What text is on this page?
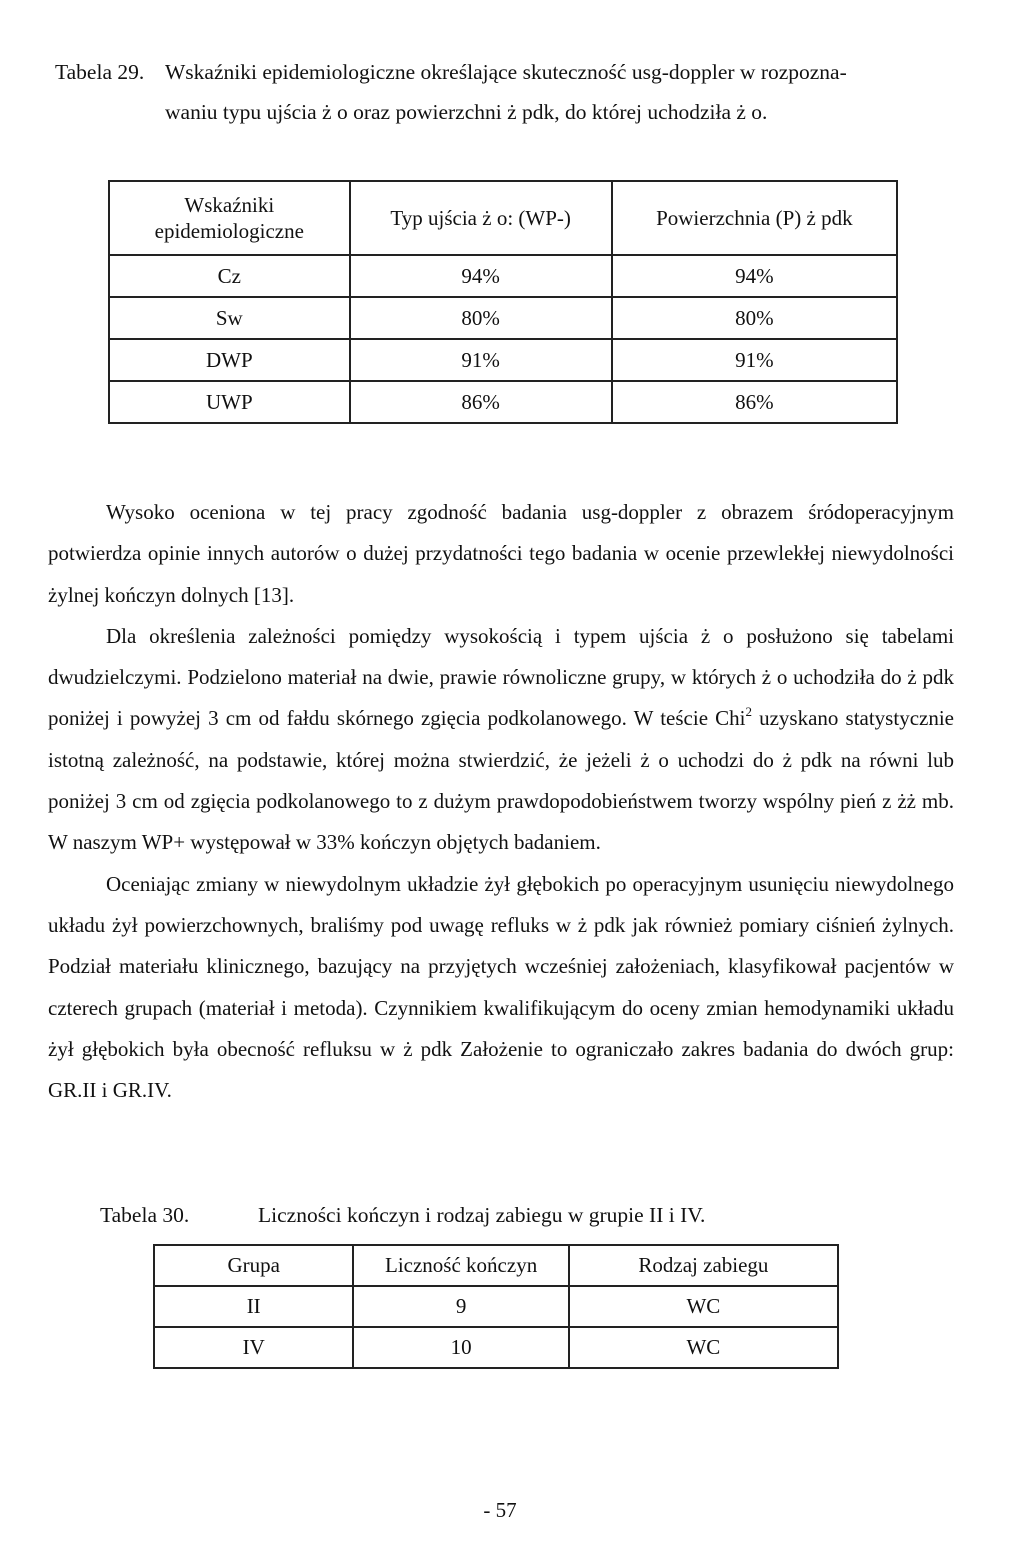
Tabela 29. Wskaźniki epidemiologiczne określające skuteczność usg-doppler w rozpozna-
waniu typu ujścia ż o oraz powierzchni ż pdk, do której uchodziła ż o.
Wskaźniki epidemiologiczne	Typ ujścia ż o: (WP-)	Powierzchnia (P) ż pdk
Cz	94%	94%
Sw	80%	80%
DWP	91%	91%
UWP	86%	86%

Wysoko oceniona w tej pracy zgodność badania usg-doppler z obrazem śródoperacyjnym potwierdza opinie innych autorów o dużej przydatności tego badania w ocenie przewlekłej niewydolności żylnej kończyn dolnych [13].

Dla określenia zależności pomiędzy wysokością i typem ujścia ż o posłużono się tabelami dwudzielczymi. Podzielono materiał na dwie, prawie równoliczne grupy, w których ż o uchodziła do ż pdk poniżej i powyżej 3 cm od fałdu skórnego zgięcia podkolanowego. W teście Chi$^2$ uzyskano statystycznie istotną zależność, na podstawie, której można stwierdzić, że jeżeli ż o uchodzi do ż pdk na równi lub poniżej 3 cm od zgięcia podkolanowego to z dużym prawdopodobieństwem tworzy wspólny pień z żż mb. W naszym WP+ występował w 33% kończyn objętych badaniem.

Oceniając zmiany w niewydolnym układzie żył głębokich po operacyjnym usunięciu niewydolnego układu żył powierzchownych, braliśmy pod uwagę refluks w ż pdk jak również pomiary ciśnień żylnych. Podział materiału klinicznego, bazujący na przyjętych wcześniej założeniach, klasyfikował pacjentów w czterech grupach (materiał i metoda). Czynnikiem kwalifikującym do oceny zmian hemodynamiki układu żył głębokich była obecność refluksu w ż pdk Założenie to ograniczało zakres badania do dwóch grup: GR.II i GR.IV.

Tabela 30.	Liczności kończyn i rodzaj zabiegu w grupie II i IV.
Grupa	Liczność kończyn	Rodzaj zabiegu
II	9	WC
IV	10	WC
- 57
